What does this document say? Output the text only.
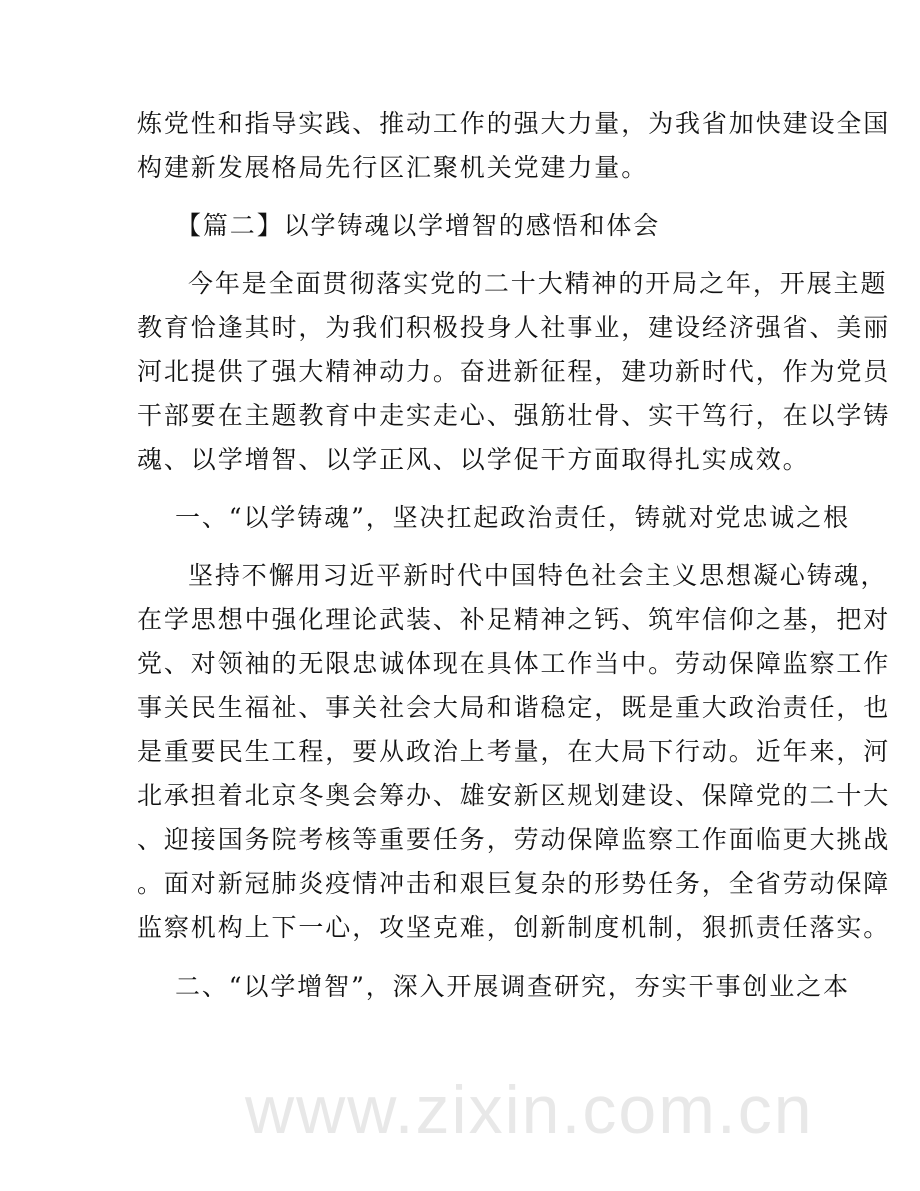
www.zixin.com.cn
炼党性和指导实践、推动工作的强大力量，为我省加快建设全国
构建新发展格局先行区汇聚机关党建力量。
【篇二】以学铸魂以学增智的感悟和体会
今年是全面贯彻落实党的二十大精神的开局之年，开展主题
教育恰逢其时，为我们积极投身人社事业，建设经济强省、美丽
河北提供了强大精神动力。奋进新征程，建功新时代，作为党员
干部要在主题教育中走实走心、强筋壮骨、实干笃行，在以学铸
魂、以学增智、以学正风、以学促干方面取得扎实成效。
一、“以学铸魂”，坚决扛起政治责任，铸就对党忠诚之根
坚持不懈用习近平新时代中国特色社会主义思想凝心铸魂，
在学思想中强化理论武装、补足精神之钙、筑牢信仰之基，把对
党、对领袖的无限忠诚体现在具体工作当中。劳动保障监察工作
事关民生福祉、事关社会大局和谐稳定，既是重大政治责任，也
是重要民生工程，要从政治上考量，在大局下行动。近年来，河
北承担着北京冬奥会筹办、雄安新区规划建设、保障党的二十大
、迎接国务院考核等重要任务，劳动保障监察工作面临更大挑战
。面对新冠肺炎疫情冲击和艰巨复杂的形势任务，全省劳动保障
监察机构上下一心，攻坚克难，创新制度机制，狠抓责任落实。
二、“以学增智”，深入开展调查研究，夯实干事创业之本
